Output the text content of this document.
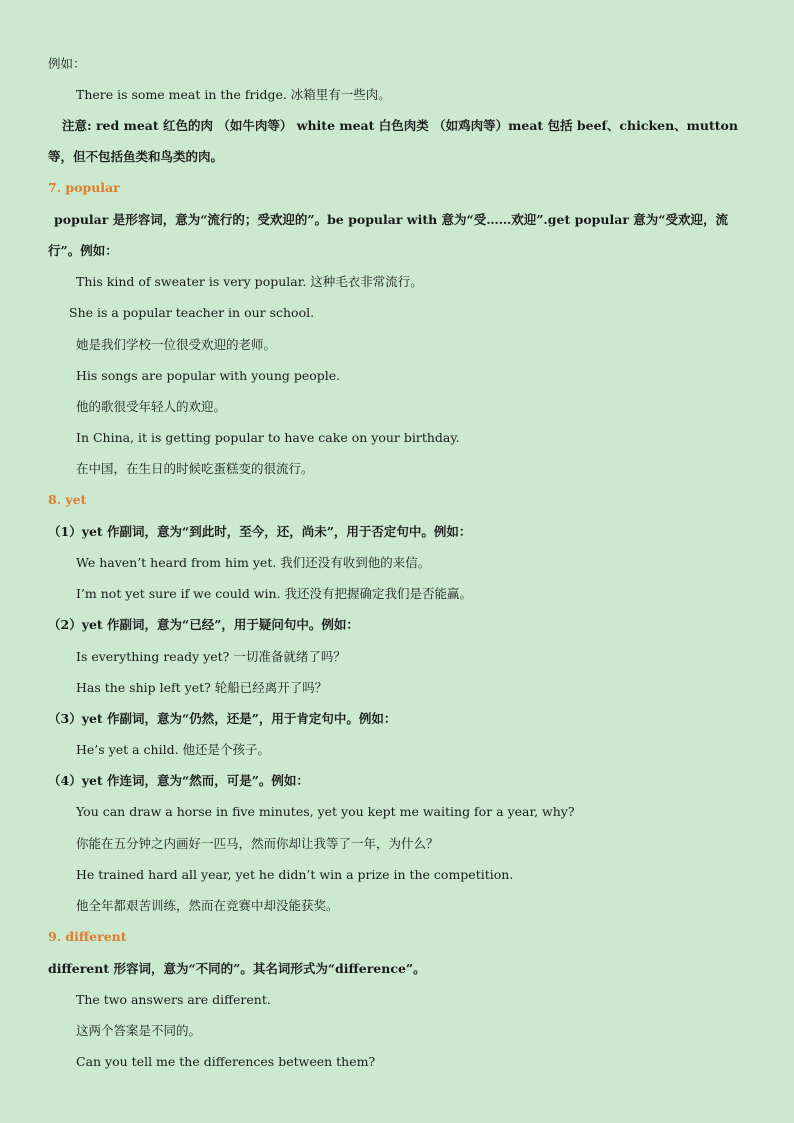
例如：
There is some meat in the fridge. 冰箱里有一些肉。
注意: red meat 红色的肉 （如牛肉等） white meat 白色肉类 （如鸡肉等）meat 包括 beef、chicken、mutton
等，但不包括鱼类和鸟类的肉。
7. popular
popular 是形容词，意为“流行的；受欢迎的”。be popular with 意为“受……欢迎”.get popular 意为“受欢迎，流
行”。例如：
This kind of sweater is very popular. 这种毛衣非常流行。
She is a popular teacher in our school.
她是我们学校一位很受欢迎的老师。
His songs are popular with young people.
他的歌很受年轻人的欢迎。
In China, it is getting popular to have cake on your birthday.
在中国，在生日的时候吃蛋糕变的很流行。
8. yet
（1）yet 作副词，意为“到此时，至今，还，尚未”，用于否定句中。例如：
We haven’t heard from him yet. 我们还没有收到他的来信。
I’m not yet sure if we could win. 我还没有把握确定我们是否能赢。
（2）yet 作副词，意为“已经”，用于疑问句中。例如：
Is everything ready yet? 一切准备就绪了吗？
Has the ship left yet? 轮船已经离开了吗？
（3）yet 作副词，意为“仍然，还是”，用于肯定句中。例如：
He’s yet a child. 他还是个孩子。
（4）yet 作连词，意为“然而，可是”。例如：
You can draw a horse in five minutes, yet you kept me waiting for a year, why?
你能在五分钟之内画好一匹马，然而你却让我等了一年，为什么？
He trained hard all year, yet he didn’t win a prize in the competition.
他全年都艰苦训练，然而在竞赛中却没能获奖。
9. different
different 形容词，意为“不同的”。其名词形式为“difference”。
The two answers are different.
这两个答案是不同的。
Can you tell me the differences between them?
